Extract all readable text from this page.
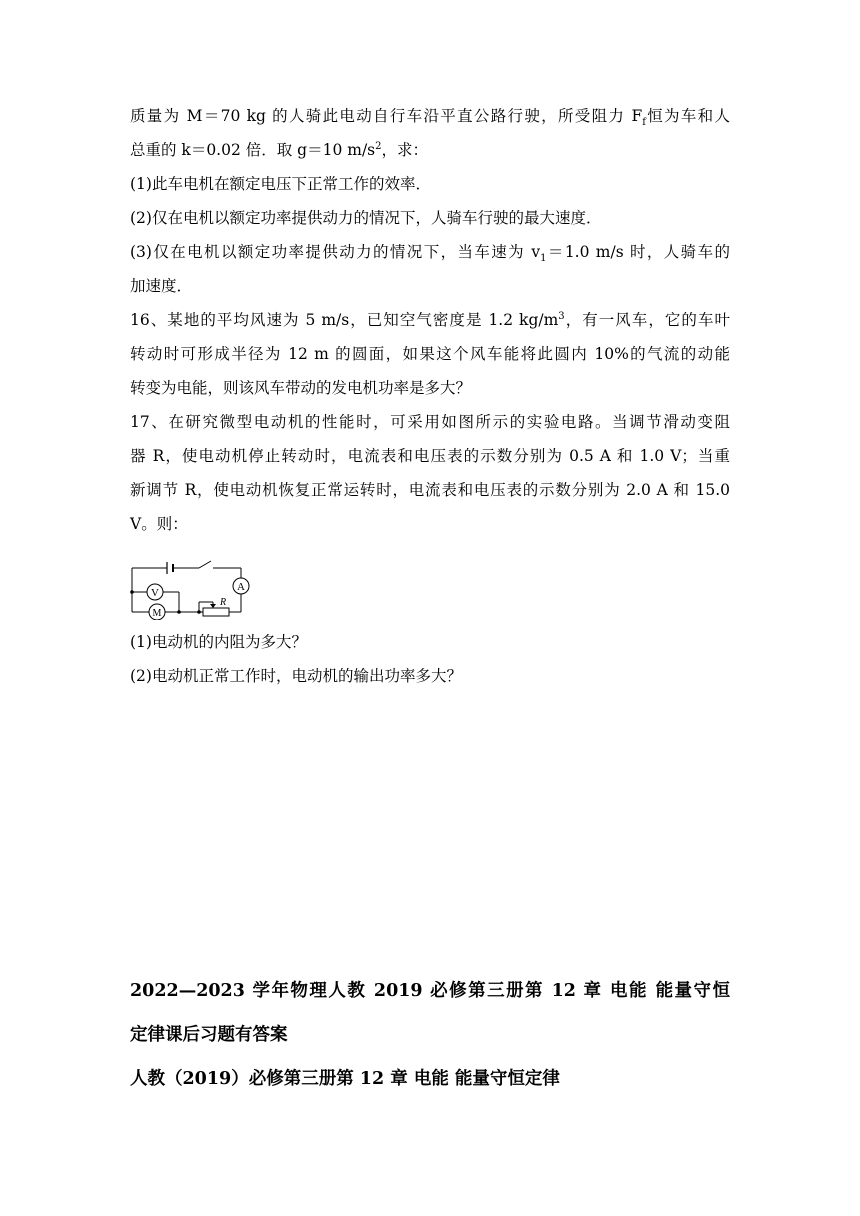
质量为 M＝70 kg 的人骑此电动自行车沿平直公路行驶，所受阻力 $F_f$恒为车和人
总重的 k＝0.02 倍．取 g＝10 $m/s^2$，求：
(1)此车电机在额定电压下正常工作的效率．
(2)仅在电机以额定功率提供动力的情况下，人骑车行驶的最大速度．
(3)仅在电机以额定功率提供动力的情况下，当车速为 $v_1=1.0$ m/s 时，人骑车的
加速度．
16、某地的平均风速为 5 m/s，已知空气密度是 1.2 $kg/m^3$，有一风车，它的车叶
转动时可形成半径为 12 m 的圆面，如果这个风车能将此圆内 10%的气流的动能
转变为电能，则该风车带动的发电机功率是多大？
17、在研究微型电动机的性能时，可采用如图所示的实验电路。当调节滑动变阻
器 R，使电动机停止转动时，电流表和电压表的示数分别为 0.5 A 和 1.0 V；当重
新调节 R，使电动机恢复正常运转时，电流表和电压表的示数分别为 2.0 A 和 15.0
V。则：
V	A
M
R
(1)电动机的内阻为多大？
(2)电动机正常工作时，电动机的输出功率多大？
2022—2023 学年物理人教 2019 必修第三册第 12 章 电能 能量守恒
定律课后习题有答案
人教（2019）必修第三册第 12 章 电能 能量守恒定律
